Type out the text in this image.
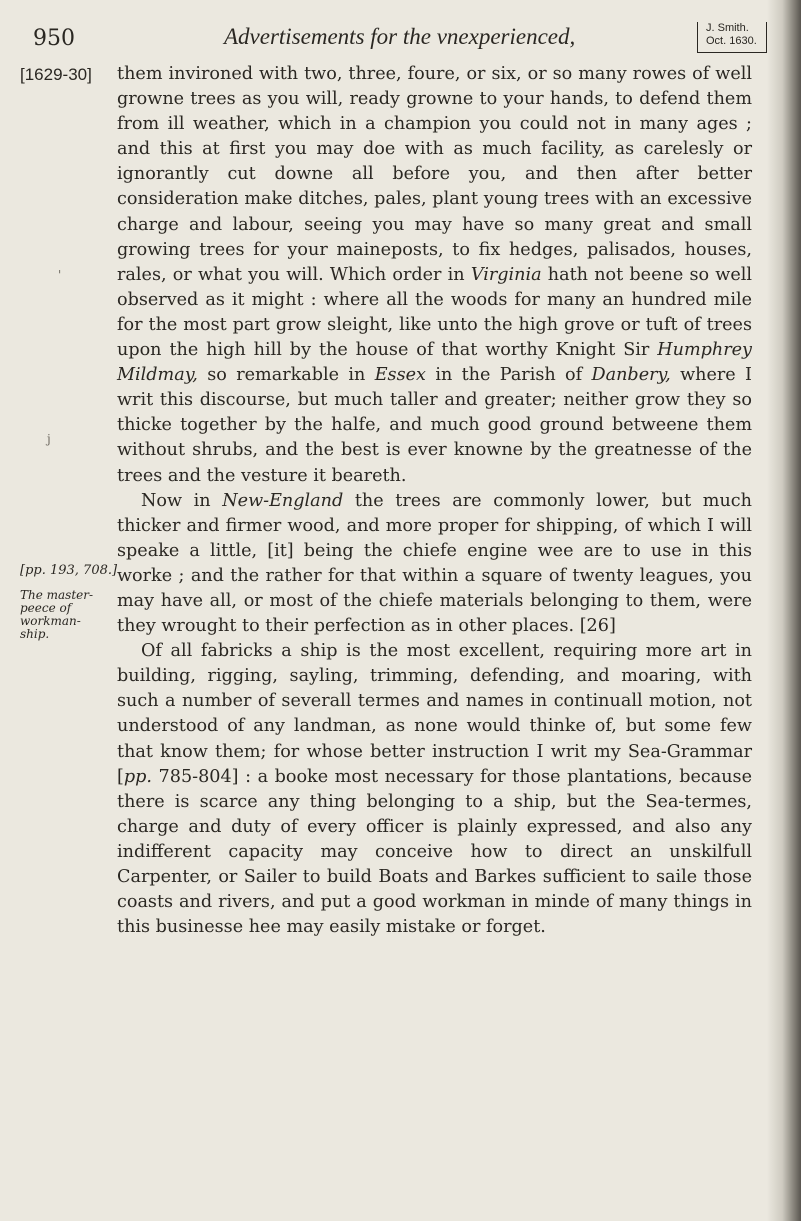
950	Advertisements for the vnexperienced,	J. Smith.
Oct. 1630.
[1629-30]
'
j
[pp. 193, 708.]
The master-
peece of
workman-
ship.

them invironed with two, three, foure, or six, or so many rowes of well growne trees as you will, ready growne to your hands, to defend them from ill weather, which in a champion you could not in many ages ; and this at first you may doe with as much facility, as carelesly or ignorantly cut downe all before you, and then after better consideration make ditches, pales, plant young trees with an excessive charge and labour, seeing you may have so many great and small growing trees for your maineposts, to fix hedges, palisados, houses, rales, or what you will. Which order in Virginia hath not beene so well observed as it might : where all the woods for many an hundred mile for the most part grow sleight, like unto the high grove or tuft of trees upon the high hill by the house of that worthy Knight Sir Humphrey Mildmay, so remarkable in Essex in the Parish of Danbery, where I writ this discourse, but much taller and greater; neither grow they so thicke together by the halfe, and much good ground betweene them without shrubs, and the best is ever knowne by the greatnesse of the trees and the vesture it beareth.

Now in New-England the trees are commonly lower, but much thicker and firmer wood, and more proper for shipping, of which I will speake a little, [it] being the chiefe engine wee are to use in this worke ; and the rather for that within a square of twenty leagues, you may have all, or most of the chiefe materials belonging to them, were they wrought to their perfection as in other places. [26]

Of all fabricks a ship is the most excellent, requiring more art in building, rigging, sayling, trimming, defending, and moaring, with such a number of severall termes and names in continuall motion, not understood of any landman, as none would thinke of, but some few that know them; for whose better instruction I writ my Sea-Grammar [pp. 785-804] : a booke most necessary for those plantations, because there is scarce any thing belonging to a ship, but the Sea-termes, charge and duty of every officer is plainly expressed, and also any indifferent capacity may conceive how to direct an unskilfull Carpenter, or Sailer to build Boats and Barkes sufficient to saile those coasts and rivers, and put a good workman in minde of many things in this businesse hee may easily mistake or forget.
